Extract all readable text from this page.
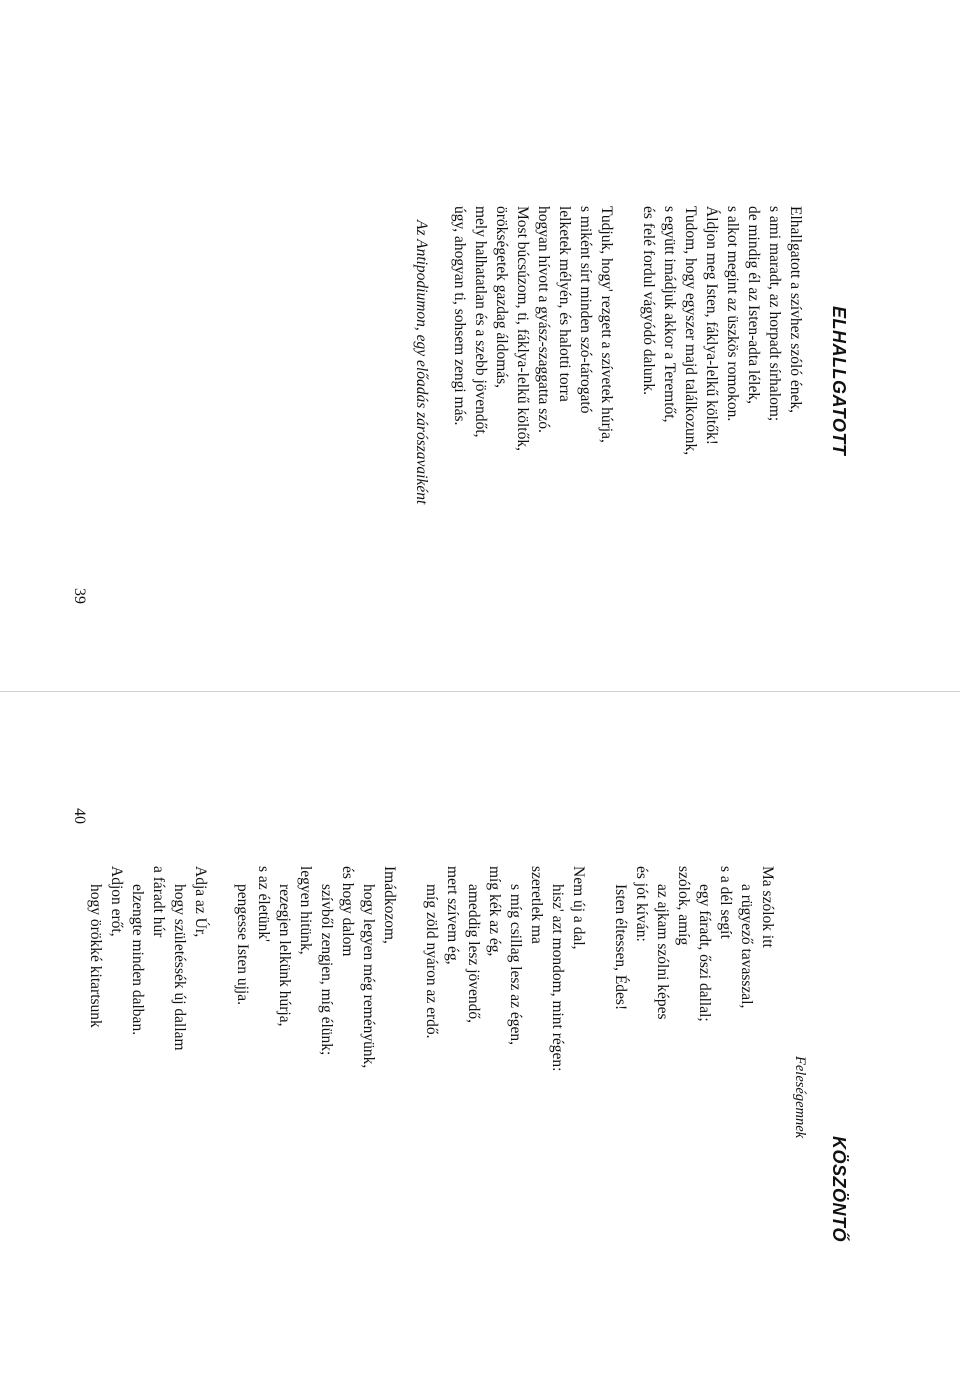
ELHALLGATOTT
Elhallgatott a szívhez szóló ének,
s ami maradt, az horpadt sírhalom;
de mindig él az Isten-adta lélek,
s alkot megint az üszkös romokon.
Áldjon meg Isten, fáklya-lelkű költők!
Tudom, hogy egyszer majd találkozunk,
s együtt imádjuk akkor a Teremtőt,
és felé fordul vágyódó dalunk.
Tudjuk, hogy' rezgett a szívetek húrja,
s miként sírt minden szó-tárogató
lelketek mélyén, és halotti torra
hogyan hívott a gyász-szaggatta szó.
Most búcsúzom, ti, fáklya-lelkű költők,
örökségetek gazdag áldomás,
mely halhatatlan és a szebb jövendőt,
úgy, ahogyan ti, sohsem zengi más.
Az Antipodiumon, egy előadás zárószavaiként
KÖSZÖNTŐ
Feleségemnek
Ma szólok itt
a rügyező tavasszal,
s a dél segít
egy fáradt, őszi dallal;
szólok, amíg
az ajkam szólni képes
és jót kíván:
Isten éltessen, Édes!
Nem új a dal,
hisz' azt mondom, mint régen:
szeretlek ma
s míg csillag lesz az égen,
míg kék az ég,
ameddig lesz jövendő,
mert szívem ég,
míg zöld nyáron az erdő.
Imádkozom,
hogy legyen még reményünk,
és hogy dalom
szívből zengjen, míg élünk;
legyen hitünk,
rezegjen lelkünk húrja,
s az életünk'
pengesse Isten ujja.
Adja az Úr,
hogy születéssék új dallam
a fáradt húr
elzengte minden dalban.
Adjon erőt,
hogy örökké kitartsunk
39
40
